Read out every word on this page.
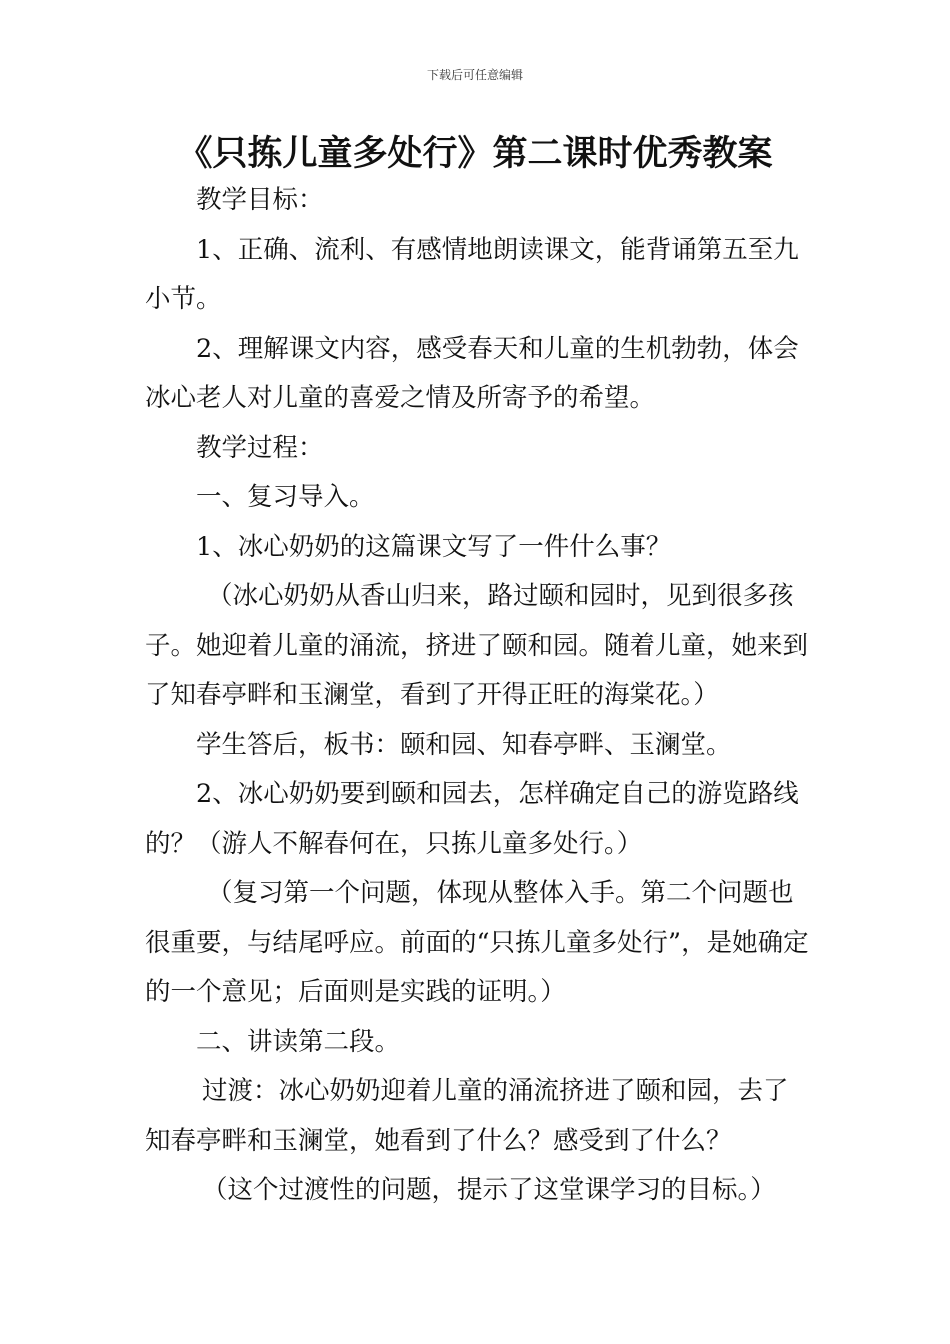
下载后可任意编辑
《只拣儿童多处行》第二课时优秀教案

教学目标：

1、正确、流利、有感情地朗读课文，能背诵第五至九小节。

2、理解课文内容，感受春天和儿童的生机勃勃，体会冰心老人对儿童的喜爱之情及所寄予的希望。

教学过程：

一、复习导入。

1、冰心奶奶的这篇课文写了一件什么事？

（冰心奶奶从香山归来，路过颐和园时，见到很多孩子。她迎着儿童的涌流，挤进了颐和园。随着儿童，她来到了知春亭畔和玉澜堂，看到了开得正旺的海棠花。）

学生答后，板书：颐和园、知春亭畔、玉澜堂。

2、冰心奶奶要到颐和园去，怎样确定自己的游览路线的？（游人不解春何在，只拣儿童多处行。）

（复习第一个问题，体现从整体入手。第二个问题也很重要，与结尾呼应。前面的“只拣儿童多处行”，是她确定的一个意见；后面则是实践的证明。）

二、讲读第二段。

过渡：冰心奶奶迎着儿童的涌流挤进了颐和园，去了知春亭畔和玉澜堂，她看到了什么？感受到了什么？

（这个过渡性的问题，提示了这堂课学习的目标。）
